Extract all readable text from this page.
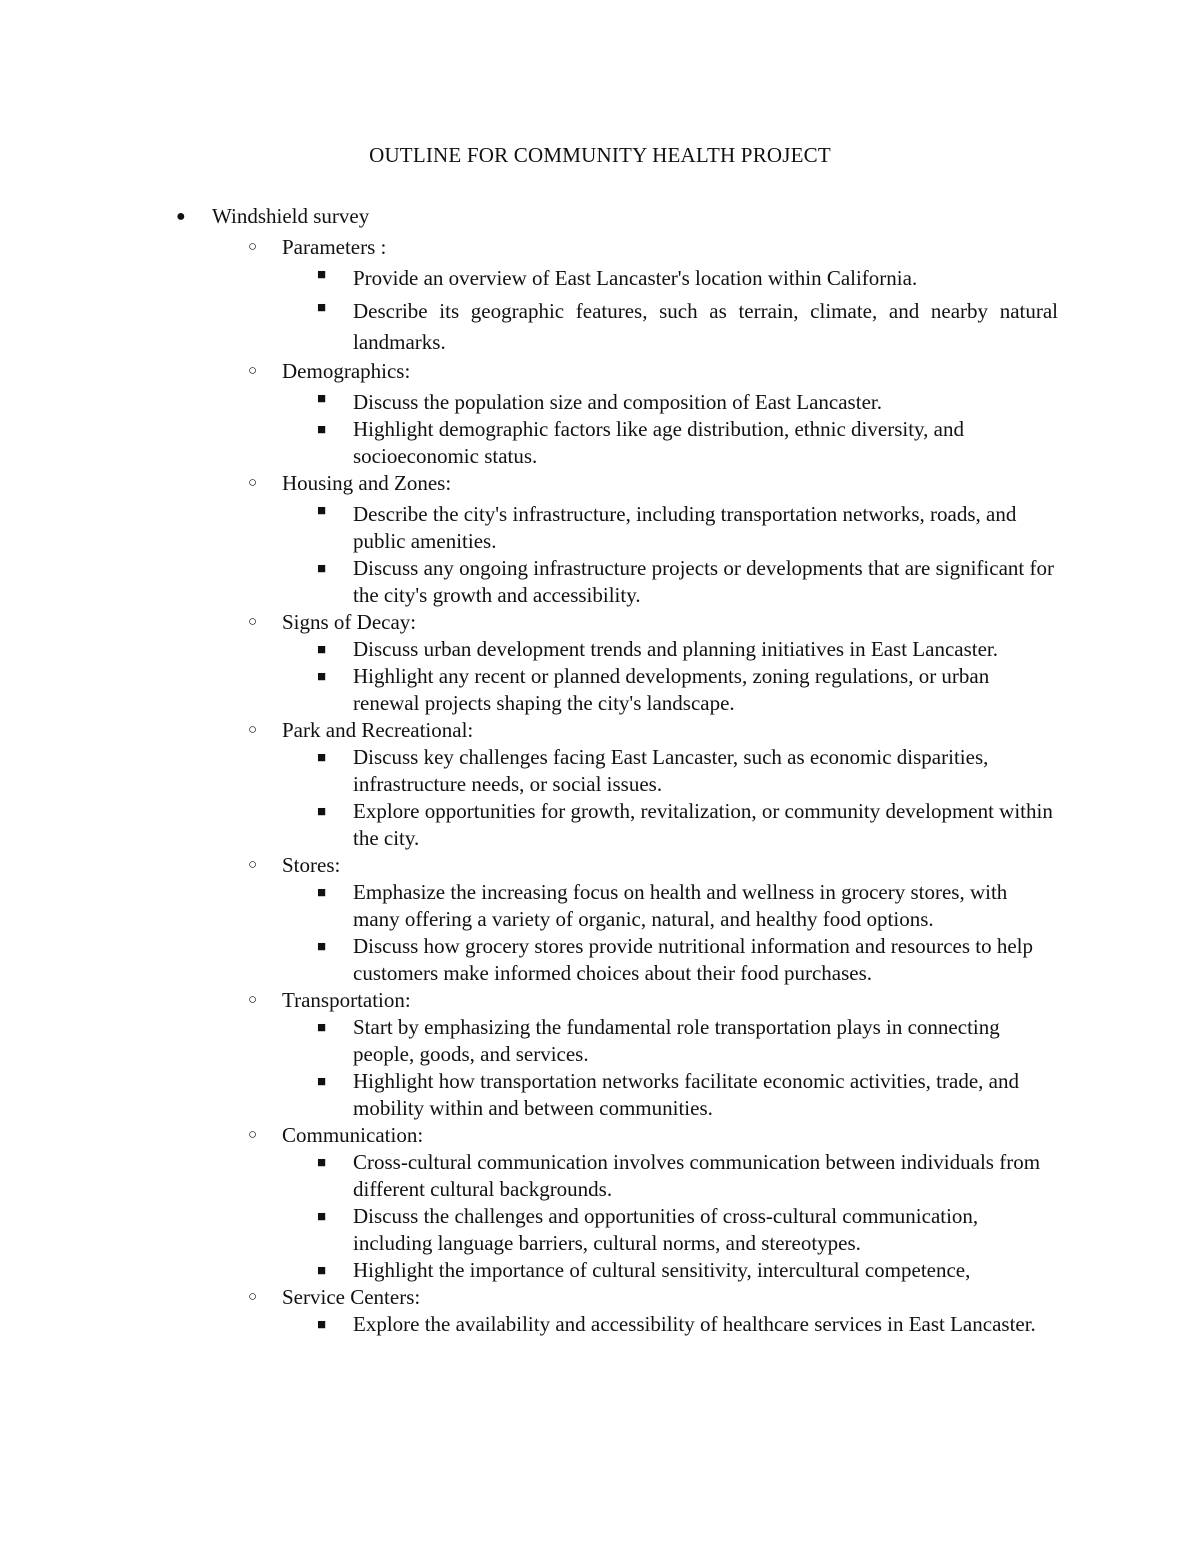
OUTLINE FOR COMMUNITY HEALTH PROJECT
● Windshield survey
○ Parameters :
■ Provide an overview of East Lancaster's location within California.
■ Describe its geographic features, such as terrain, climate, and nearby natural landmarks.
○ Demographics:
■ Discuss the population size and composition of East Lancaster.
■ Highlight demographic factors like age distribution, ethnic diversity, and socioeconomic status.
○ Housing and Zones:
■ Describe the city's infrastructure, including transportation networks, roads, and public amenities.
■ Discuss any ongoing infrastructure projects or developments that are significant for the city's growth and accessibility.
○ Signs of Decay:
■ Discuss urban development trends and planning initiatives in East Lancaster.
■ Highlight any recent or planned developments, zoning regulations, or urban renewal projects shaping the city's landscape.
○ Park and Recreational:
■ Discuss key challenges facing East Lancaster, such as economic disparities, infrastructure needs, or social issues.
■ Explore opportunities for growth, revitalization, or community development within the city.
○ Stores:
■ Emphasize the increasing focus on health and wellness in grocery stores, with many offering a variety of organic, natural, and healthy food options.
■ Discuss how grocery stores provide nutritional information and resources to help customers make informed choices about their food purchases.
○ Transportation:
■ Start by emphasizing the fundamental role transportation plays in connecting people, goods, and services.
■ Highlight how transportation networks facilitate economic activities, trade, and mobility within and between communities.
○ Communication:
■ Cross-cultural communication involves communication between individuals from different cultural backgrounds.
■ Discuss the challenges and opportunities of cross-cultural communication, including language barriers, cultural norms, and stereotypes.
■ Highlight the importance of cultural sensitivity, intercultural competence,
○ Service Centers:
■ Explore the availability and accessibility of healthcare services in East Lancaster.
